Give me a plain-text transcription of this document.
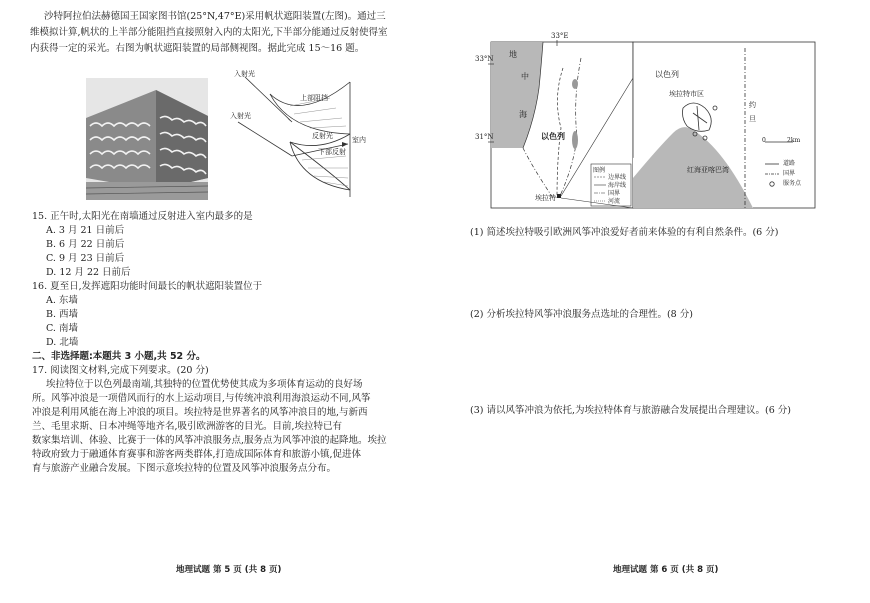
沙特阿拉伯法赫德国王国家图书馆(25°N,47°E)采用帆状遮阳装置(左图)。通过三
维模拟计算,帆状的上半部分能阻挡直接照射入内的太阳光,下半部分能通过反射使得室
内获得一定的采光。右图为帆状遮阳装置的局部侧视图。据此完成 15～16 题。
入射光
上部阻挡
入射光
反射光	室内
下部反射
15. 正午时,太阳光在南墙通过反射进入室内最多的是
A. 3 月 21 日前后
B. 6 月 22 日前后
C. 9 月 23 日前后
D. 12 月 22 日前后
16. 夏至日,发挥遮阳功能时间最长的帆状遮阳装置位于
A. 东墙
B. 西墙
C. 南墙
D. 北墙
二、非选择题:本题共 3 小题,共 52 分。
17. 阅读图文材料,完成下列要求。(20 分)
埃拉特位于以色列最南端,其独特的位置优势使其成为多项体育运动的良好场
所。风筝冲浪是一项借风而行的水上运动项目,与传统冲浪利用海浪运动不同,风筝
冲浪是利用风能在海上冲浪的项目。埃拉特是世界著名的风筝冲浪目的地,与新西
兰、毛里求斯、日本冲绳等地齐名,吸引欧洲游客的目光。目前,埃拉特已有
数家集培训、体验、比赛于一体的风筝冲浪服务点,服务点为风筝冲浪的起降地。埃拉
特政府致力于融通体育赛事和游客两类群体,打造成国际体育和旅游小镇,促进体
育与旅游产业融合发展。下图示意埃拉特的位置及风筝冲浪服务点分布。
地理试题 第 5 页 (共 8 页)
33°E
33°N
31°N
地
中
海
以色列
埃拉特
图例
边界线
海岸线
国界
河流
以色列
埃拉特市区
约旦
红海亚喀巴湾
0	2km
道路
国界
服务点
(1) 简述埃拉特吸引欧洲风筝冲浪爱好者前来体验的有利自然条件。(6 分)
(2) 分析埃拉特风筝冲浪服务点选址的合理性。(8 分)
(3) 请以风筝冲浪为依托,为埃拉特体育与旅游融合发展提出合理建议。(6 分)
地理试题 第 6 页 (共 8 页)
